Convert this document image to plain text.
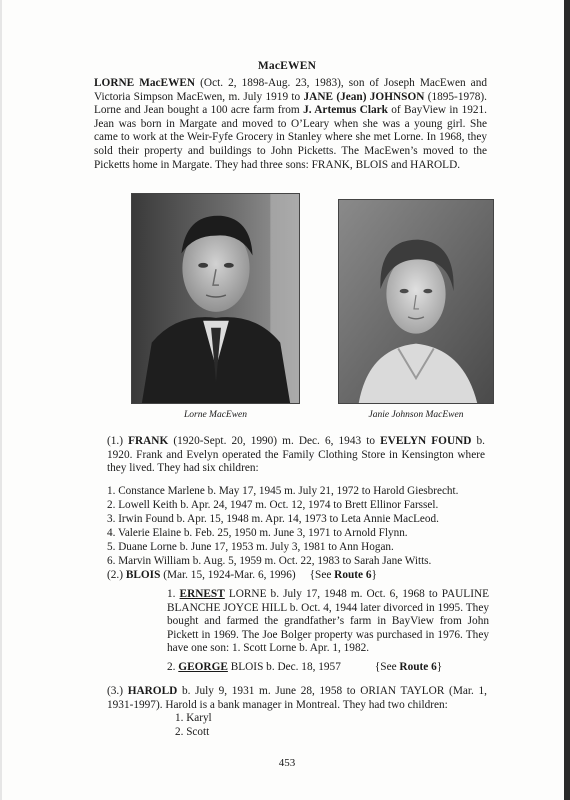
MacEWEN
LORNE MacEWEN (Oct. 2, 1898-Aug. 23, 1983), son of Joseph MacEwen and Victoria Simpson MacEwen, m. July 1919 to JANE (Jean) JOHNSON (1895-1978). Lorne and Jean bought a 100 acre farm from J. Artemus Clark of BayView in 1921. Jean was born in Margate and moved to O’Leary when she was a young girl. She came to work at the Weir-Fyfe Grocery in Stanley where she met Lorne. In 1968, they sold their property and buildings to John Picketts. The MacEwen’s moved to the Picketts home in Margate. They had three sons: FRANK, BLOIS and HAROLD.
Lorne MacEwen	Janie Johnson MacEwen
(1.) FRANK (1920-Sept. 20, 1990) m. Dec. 6, 1943 to EVELYN FOUND b. 1920. Frank and Evelyn operated the Family Clothing Store in Kensington where they lived. They had six children:
1. Constance Marlene b. May 17, 1945 m. July 21, 1972 to Harold Giesbrecht.
2. Lowell Keith b. Apr. 24, 1947 m. Oct. 12, 1974 to Brett Ellinor Farssel.
3. Irwin Found b. Apr. 15, 1948 m. Apr. 14, 1973 to Leta Annie MacLeod.
4. Valerie Elaine b. Feb. 25, 1950 m. June 3, 1971 to Arnold Flynn.
5. Duane Lorne b. June 17, 1953 m. July 3, 1981 to Ann Hogan.
6. Marvin William b. Aug. 5, 1959 m. Oct. 22, 1983 to Sarah Jane Witts.
(2.) BLOIS (Mar. 15, 1924-Mar. 6, 1996) {See Route 6}
1. ERNEST LORNE b. July 17, 1948 m. Oct. 6, 1968 to PAULINE BLANCHE JOYCE HILL b. Oct. 4, 1944 later divorced in 1995. They bought and farmed the grandfather’s farm in BayView from John Pickett in 1969. The Joe Bolger property was purchased in 1976. They have one son: 1. Scott Lorne b. Apr. 1, 1982.
2. GEORGE BLOIS b. Dec. 18, 1957	{See Route 6}
(3.) HAROLD b. July 9, 1931 m. June 28, 1958 to ORIAN TAYLOR (Mar. 1, 1931-1997). Harold is a bank manager in Montreal. They had two children:
1. Karyl
2. Scott
453
